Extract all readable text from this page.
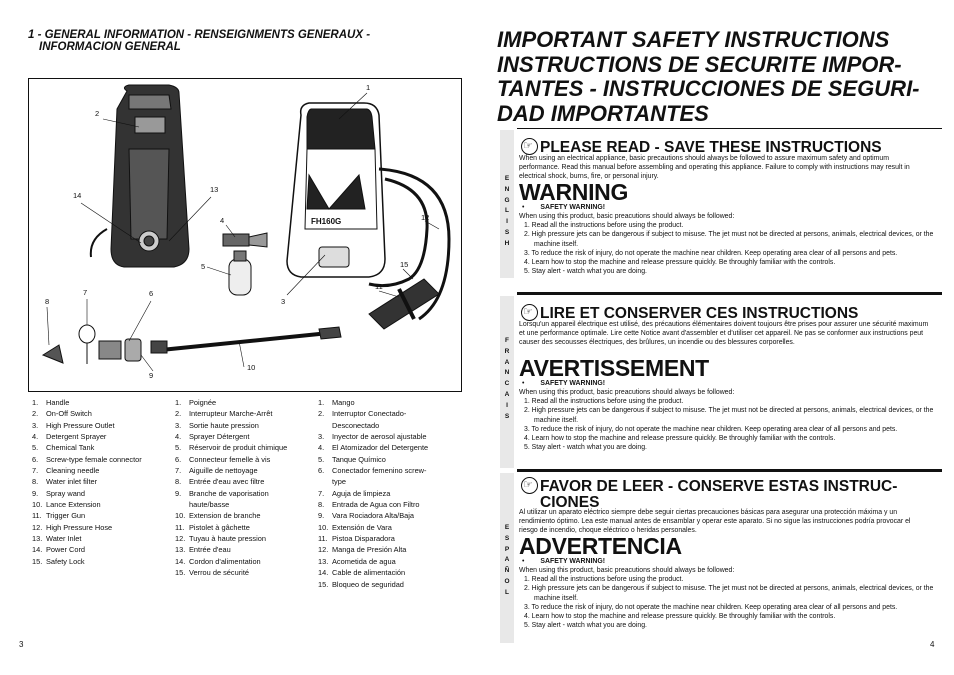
1 - GENERAL INFORMATION - RENSEIGNMENTS GENERAUX -
INFORMACION GENERAL
FH160G
1
2
3
4
5
6
7
8
9
10
11
12
13
14
15
1. Handle
2. On-Off Switch
3. High Pressure Outlet
4. Detergent Sprayer
5. Chemical Tank
6. Screw-type female connector
7. Cleaning needle
8. Water inlet filter
9. Spray wand
10. Lance Extension
11. Trigger Gun
12. High Pressure Hose
13. Water Inlet
14. Power Cord
15. Safety Lock
1. Poignée
2. Interrupteur Marche-Arrêt
3. Sortie haute pression
4. Sprayer Détergent
5. Réservoir de produit chimique
6. Connecteur femelle à vis
7. Aiguille de nettoyage
8. Entrée d'eau avec filtre
9. Branche de vaporisation
haute/basse
10. Extension de branche
11. Pistolet à gâchette
12. Tuyau à haute pression
13. Entrée d'eau
14. Cordon d'alimentation
15. Verrou de sécurité
1. Mango
2. Interruptor Conectado-
Desconectado
3. Inyector de aerosol ajustable
4. El Atomizador del Detergente
5. Tanque Químico
6. Conectador femenino screw-
type
7. Aguja de limpieza
8. Entrada de Agua con Filtro
9. Vara Rociadora Alta/Baja
10. Extensión de Vara
11. Pistoa Disparadora
12. Manga de Presión Alta
13. Acometida de agua
14. Cable de alimentación
15. Bloqueo de seguridad
3
IMPORTANT SAFETY INSTRUCTIONS
INSTRUCTIONS DE SECURITE IMPOR-
TANTES - INSTRUCCIONES DE SEGURI-
DAD IMPORTANTES
E
N
G
L
I
S
H
☞PLEASE READ - SAVE THESE INSTRUCTIONS
When using an electrical appliance, basic precautions should always be followed to assure maximum safety and optimum performance. Read this manual before assembling and operating this appliance. Failure to comply with instructions may result in electrical shock, burns, fire, or personal injury.
WARNING
• SAFETY WARNING!
When using this product, basic preacutions should always be followed:
1. Read all the instructions before using the product.
2. High pressure jets can be dangerous if subject to misuse. The jet must not be directed at persons, animals, electrical devices, or the machine itself.
3. To reduce the risk of injury, do not operate the machine near children. Keep operating area clear of all persons and pets.
4. Learn how to stop the machine and release pressure quickly. Be throughly familiar with the controls.
5. Stay alert - watch what you are doing.
F
R
A
N
C
A
I
S
☞LIRE ET CONSERVER CES INSTRUCTIONS
Lorsqu'un appareil électrique est utilisé, des précautions élémentaires doivent toujours être prises pour assurer une sécurité maximum et une performance optimale. Lire cette Notice avant d'assembler et d'utiliser cet appareil. Ne pas se conformer aux instructions peut causer des secousses électriques, des brûlures, un incendie ou des blessures corporelles.
AVERTISSEMENT
• SAFETY WARNING!
When using this product, basic preacutions should always be followed:
1. Read all the instructions before using the product.
2. High pressure jets can be dangerous if subject to misuse. The jet must not be directed at persons, animals, electrical devices, or the machine itself.
3. To reduce the risk of injury, do not operate the machine near children. Keep operating area clear of all persons and pets.
4. Learn how to stop the machine and release pressure quickly. Be throughly familiar with the controls.
5. Stay alert - watch what you are doing.
E
S
P
A
Ñ
O
L
☞FAVOR DE LEER - CONSERVE ESTAS INSTRUC-
CIONES
Al utilizar un aparato eléctrico siempre debe seguir ciertas precauciones básicas para asegurar una protección máxima y un rendimiento óptimo. Lea este manual antes de ensamblar y operar este aparato. Si no sigue las instrucciones podría provocar el riesgo de incendio, choque eléctrico o heridas personales.
ADVERTENCIA
• SAFETY WARNING!
When using this product, basic preacutions should always be followed:
1. Read all the instructions before using the product.
2. High pressure jets can be dangerous if subject to misuse. The jet must not be directed at persons, animals, electrical devices, or the machine itself.
3. To reduce the risk of injury, do not operate the machine near children. Keep operating area clear of all persons and pets.
4. Learn how to stop the machine and release pressure quickly. Be throughly familiar with the controls.
5. Stay alert - watch what you are doing.
4
